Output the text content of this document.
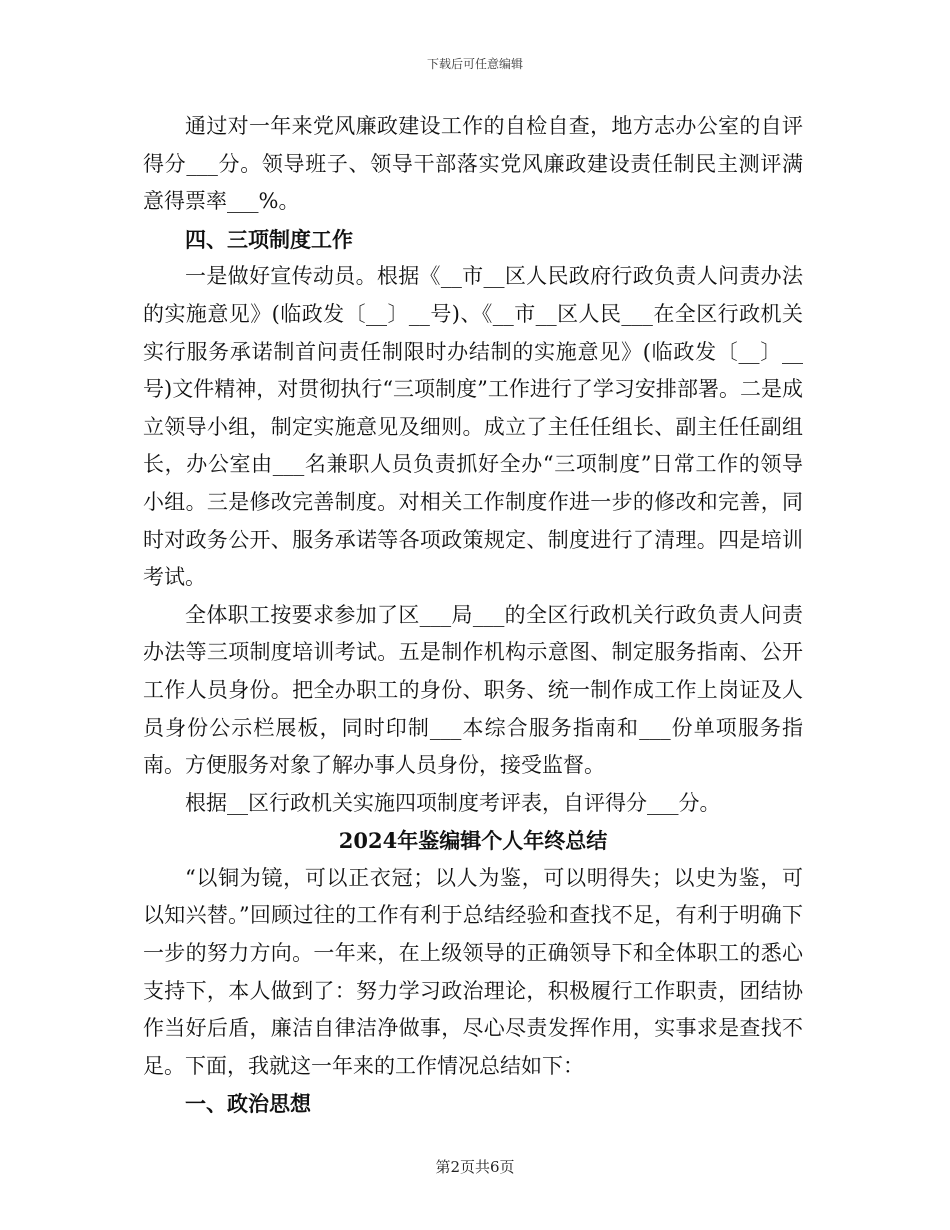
下载后可任意编辑

通过对一年来党风廉政建设工作的自检自查，地方志办公室的自评得分___分。领导班子、领导干部落实党风廉政建设责任制民主测评满意得票率___%。

四、三项制度工作

一是做好宣传动员。根据《__市__区人民政府行政负责人问责办法的实施意见》(临政发〔__〕__号)、《__市__区人民___在全区行政机关实行服务承诺制首问责任制限时办结制的实施意见》(临政发〔__〕__号)文件精神，对贯彻执行“三项制度”工作进行了学习安排部署。二是成立领导小组，制定实施意见及细则。成立了主任任组长、副主任任副组长，办公室由___名兼职人员负责抓好全办“三项制度”日常工作的领导小组。三是修改完善制度。对相关工作制度作进一步的修改和完善，同时对政务公开、服务承诺等各项政策规定、制度进行了清理。四是培训考试。

全体职工按要求参加了区___局___的全区行政机关行政负责人问责办法等三项制度培训考试。五是制作机构示意图、制定服务指南、公开工作人员身份。把全办职工的身份、职务、统一制作成工作上岗证及人员身份公示栏展板，同时印制___本综合服务指南和___份单项服务指南。方便服务对象了解办事人员身份，接受监督。

根据__区行政机关实施四项制度考评表，自评得分___分。

2024年鉴编辑个人年终总结

“以铜为镜，可以正衣冠；以人为鉴，可以明得失；以史为鉴，可以知兴替。”回顾过往的工作有利于总结经验和查找不足，有利于明确下一步的努力方向。一年来，在上级领导的正确领导下和全体职工的悉心支持下，本人做到了：努力学习政治理论，积极履行工作职责，团结协作当好后盾，廉洁自律洁净做事，尽心尽责发挥作用，实事求是查找不足。下面，我就这一年来的工作情况总结如下：

一、政治思想

第2页共6页
